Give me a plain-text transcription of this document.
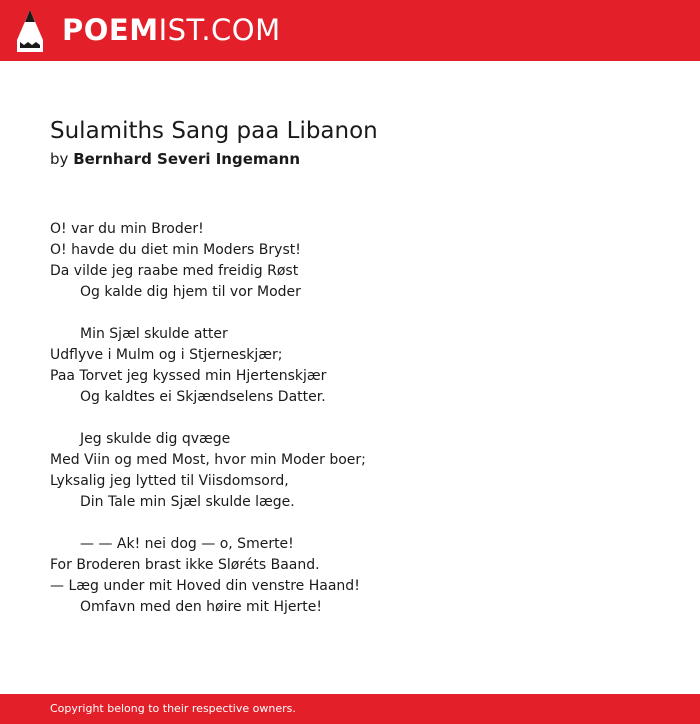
POEMIST.COM
Sulamiths Sang paa Libanon
by Bernhard Severi Ingemann
O! var du min Broder!
O! havde du diet min Moders Bryst!
Da vilde jeg raabe med freidig Røst
Og kalde dig hjem til vor Moder
Min Sjæl skulde atter
Udflyve i Mulm og i Stjerneskjær;
Paa Torvet jeg kyssed min Hjertenskjær
Og kaldtes ei Skjændselens Datter.
Jeg skulde dig qvæge
Med Viin og med Most, hvor min Moder boer;
Lyksalig jeg lytted til Viisdomsord,
Din Tale min Sjæl skulde læge.
— — Ak! nei dog — o, Smerte!
For Broderen brast ikke Sløréts Baand.
— Læg under mit Hoved din venstre Haand!
Omfavn med den høire mit Hjerte!
Copyright belong to their respective owners.
